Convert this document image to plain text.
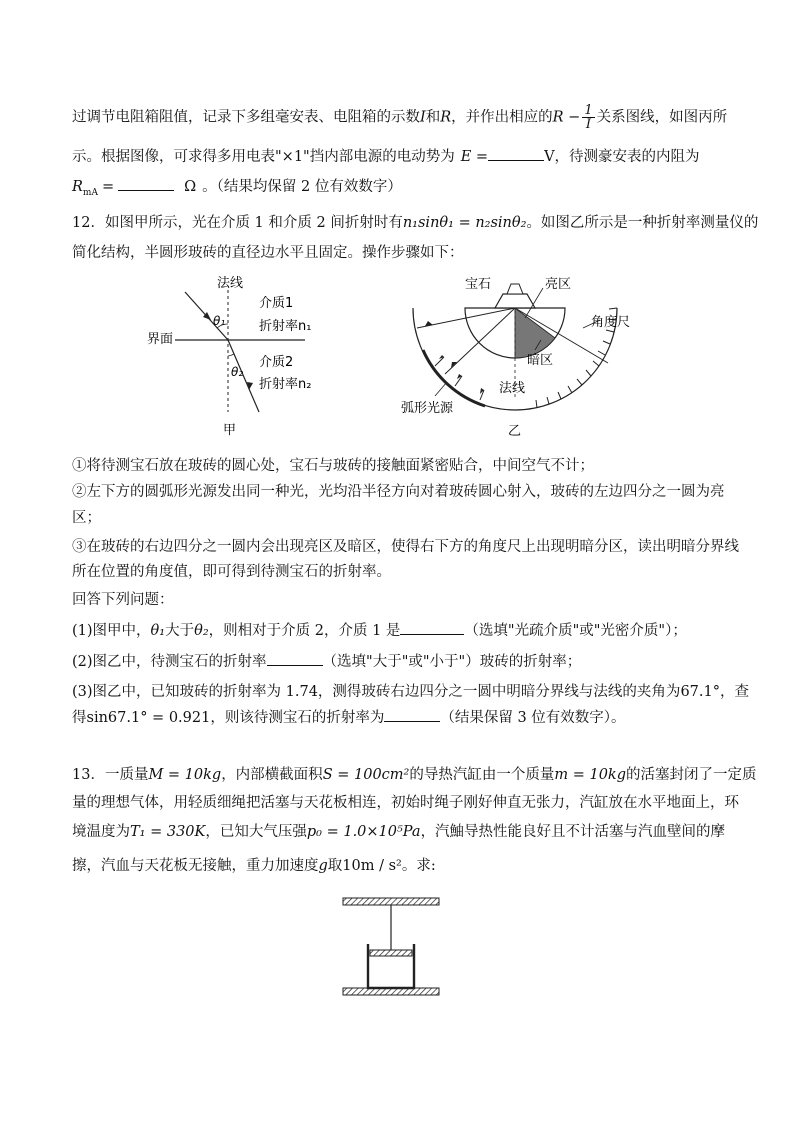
过调节电阻箱阻值，记录下多组毫安表、电阻箱的示数I和R，并作出相应的$R - \frac{1}{I}$ 关系图线，如图丙所
示。根据图像，可求得多用电表"×1"挡内部电源的电动势为 E =	V，待测豪安表的内阻为
$R_{mA}$ =	Ω 。（结果均保留 2 位有效数字）
12．如图甲所示，光在介质 1 和介质 2 间折射时有n₁sinθ₁ = n₂sinθ₂。如图乙所示是一种折射率测量仪的
简化结构，半圆形玻砖的直径边水平且固定。操作步骤如下：
法线
界面
θ₁
θ₂
介质1
折射率n₁
介质2
折射率n₂
甲
宝石	亮区
角度尺
暗区
法线
弧形光源
乙
①将待测宝石放在玻砖的圆心处，宝石与玻砖的接触面紧密贴合，中间空气不计；
②左下方的圆弧形光源发出同一种光，光均沿半径方向对着玻砖圆心射入，玻砖的左边四分之一圆为亮
区；
③在玻砖的右边四分之一圆内会出现亮区及暗区，使得右下方的角度尺上出现明暗分区，读出明暗分界线
所在位置的角度值，即可得到待测宝石的折射率。
回答下列问题：
(1)图甲中，θ₁大于θ₂，则相对于介质 2，介质 1 是	（选填"光疏介质"或"光密介质"）；
(2)图乙中，待测宝石的折射率	（选填"大于"或"小于"）玻砖的折射率；
(3)图乙中，已知玻砖的折射率为 1.74，测得玻砖右边四分之一圆中明暗分界线与法线的夹角为67.1°，查
得sin67.1° = 0.921，则该待测宝石的折射率为	（结果保留 3 位有效数字）。
13．一质量M = 10kg，内部横截面积S = 100cm²的导热汽缸由一个质量m = 10kg的活塞封闭了一定质
量的理想气体，用轻质细绳把活塞与天花板相连，初始时绳子刚好伸直无张力，汽缸放在水平地面上，环
境温度为T₁ = 330K，已知大气压强p₀ = 1.0×10⁵Pa，汽鮋导热性能良好且不计活塞与汽血壁间的摩
擦，汽血与天花板无接触，重力加速度g取10m / s²。求:
